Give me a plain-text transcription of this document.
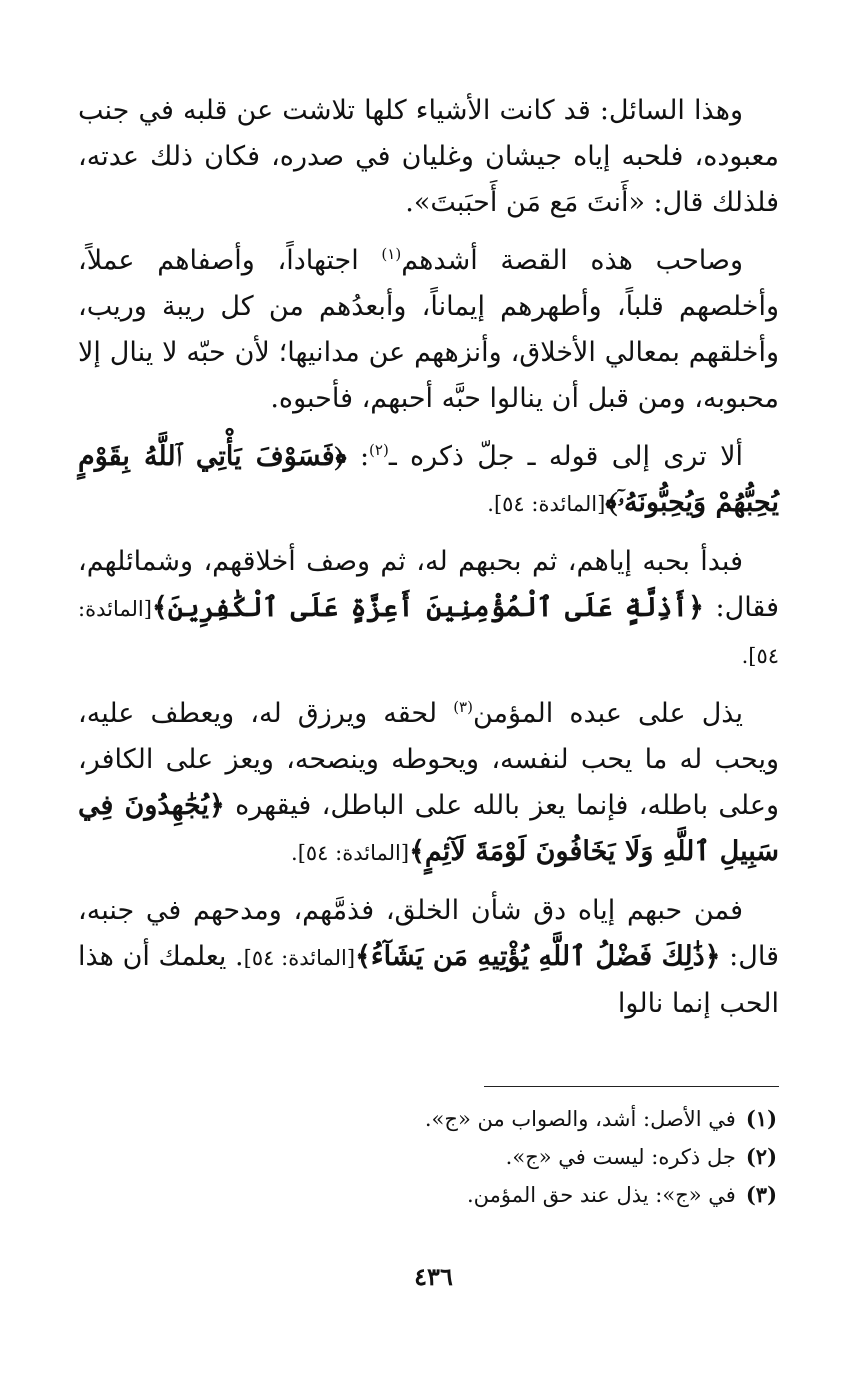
وهذا السائل: قد كانت الأشياء كلها تلاشت عن قلبه في جنب معبوده، فلحبه إياه جيشان وغليان في صدره، فكان ذلك عدته، فلذلك قال: «أَنتَ مَع مَن أَحبَبتَ».

وصاحب هذه القصة أشدهم$^{(١)}$ اجتهاداً، وأصفاهم عملاً، وأخلصهم قلباً، وأطهرهم إيماناً، وأبعدُهم من كل ريبة وريب، وأخلقهم بمعالي الأخلاق، وأنزههم عن مدانيها؛ لأن حبّه لا ينال إلا محبوبه، ومن قبل أن ينالوا حبَّه أحبهم، فأحبوه.

ألا ترى إلى قوله ـ جلّ ذكره ـ$^{(٢)}$: ﴿فَسَوْفَ يَأْتِي ٱللَّهُ بِقَوْمٍ يُحِبُّهُمْ وَيُحِبُّونَهُۥٓ﴾[المائدة: ٥٤].

فبدأ بحبه إياهم، ثم بحبهم له، ثم وصف أخلاقهم، وشمائلهم، فقال: ﴿أَذِلَّةٍ عَلَى ٱلْمُؤْمِنِينَ أَعِزَّةٍ عَلَى ٱلْكَٰفِرِينَ﴾[المائدة: ٥٤].

يذل على عبده المؤمن$^{(٣)}$ لحقه ويرزق له، ويعطف عليه، ويحب له ما يحب لنفسه، ويحوطه وينصحه، ويعز على الكافر، وعلى باطله، فإنما يعز بالله على الباطل، فيقهره ﴿يُجَٰهِدُونَ فِي سَبِيلِ ٱللَّهِ وَلَا يَخَافُونَ لَوْمَةَ لَآئِمٍ﴾[المائدة: ٥٤].

فمن حبهم إياه دق شأن الخلق، فذمَّهم، ومدحهم في جنبه، قال: ﴿ذَٰلِكَ فَضْلُ ٱللَّهِ يُؤْتِيهِ مَن يَشَآءُ﴾[المائدة: ٥٤]. يعلمك أن هذا الحب إنما نالوا

(١)في الأصل: أشد، والصواب من «ج».

(٢)جل ذكره: ليست في «ج».

(٣)في «ج»: يذل عند حق المؤمن.

٤٣٦
